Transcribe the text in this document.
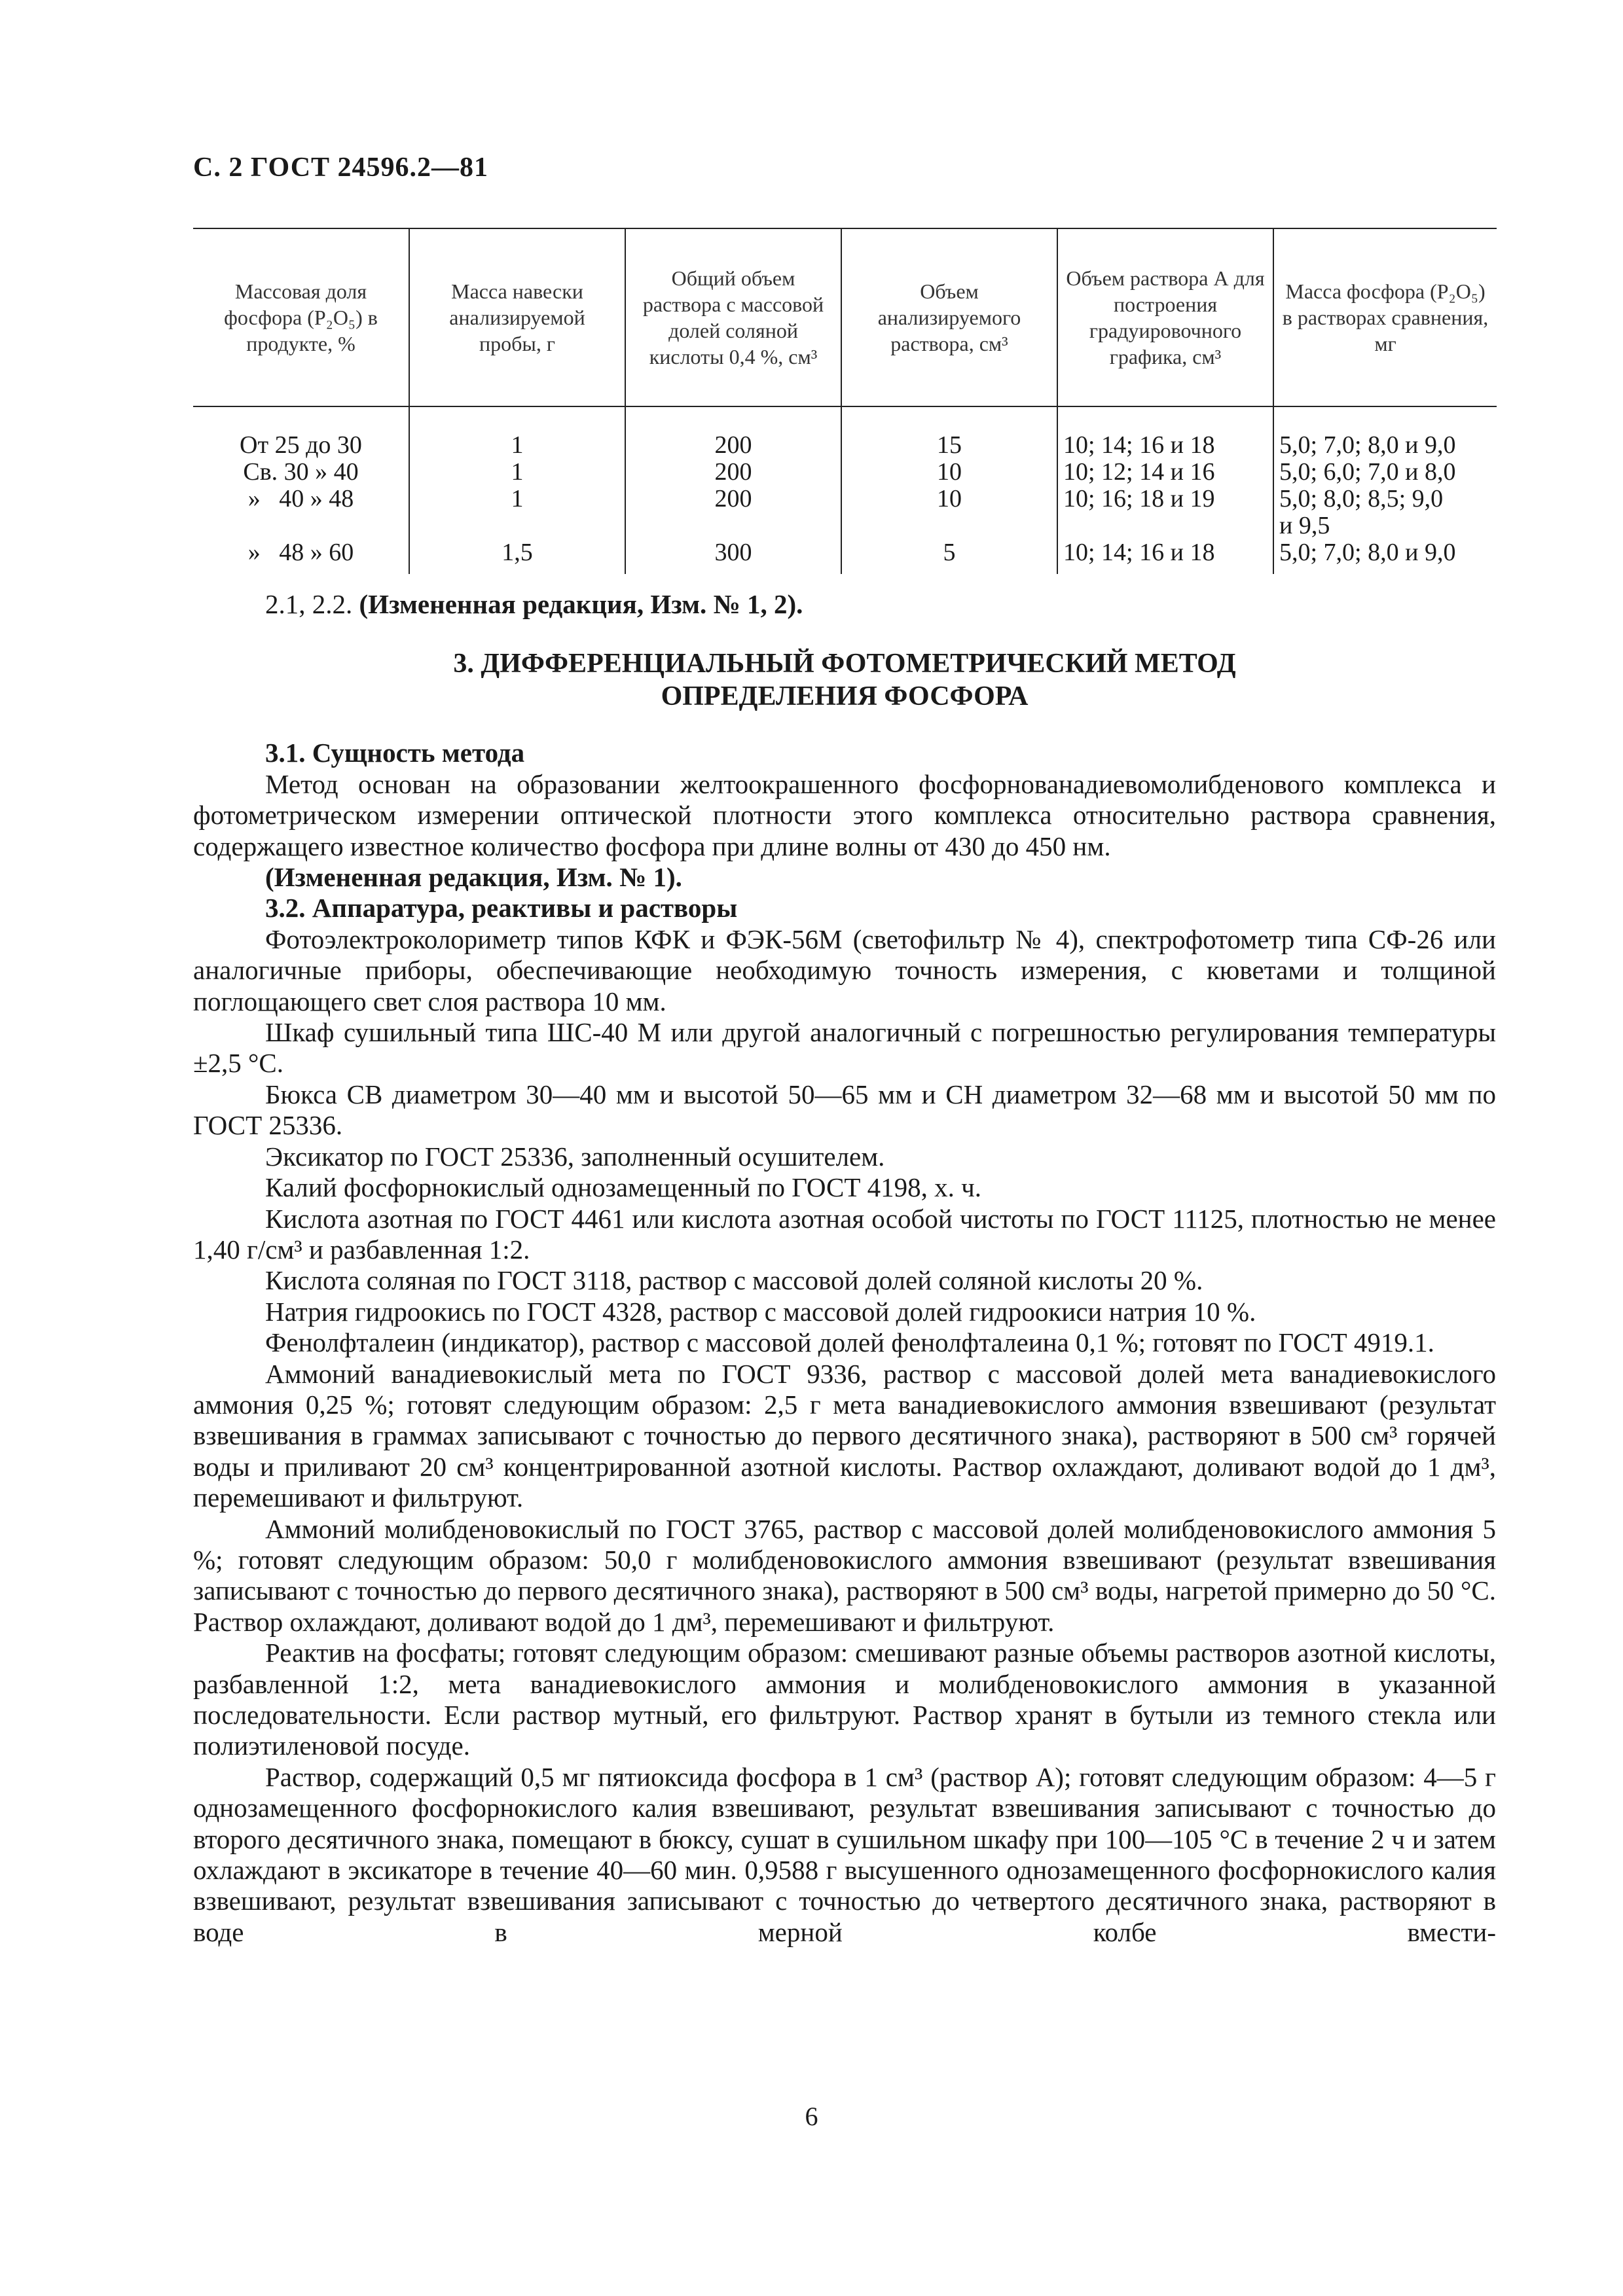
С. 2 ГОСТ 24596.2—81
Массовая доля фосфора (P₂O₅) в продукте, %	Масса навески анализируемой пробы, г	Общий объем раствора с массовой долей соляной кислоты 0,4 %, см³	Объем анализируемого раствора, см³	Объем раствора А для построения градуировочного графика, см³	Масса фосфора (P₂O₅) в растворах сравнения, мг
От 25 до 30	1	200	15	10; 14; 16 и 18	5,0; 7,0; 8,0 и 9,0

Св. 30 » 40	1	200	10	10; 12; 14 и 16	5,0; 6,0; 7,0 и 8,0

»   40 » 48	1	200	10	10; 16; 18 и 19	5,0; 8,0; 8,5; 9,0
и 9,5

»   48 » 60	1,5	300	5	10; 14; 16 и 18	5,0; 7,0; 8,0 и 9,0

2.1, 2.2. (Измененная редакция, Изм. № 1, 2).

3. ДИФФЕРЕНЦИАЛЬНЫЙ ФОТОМЕТРИЧЕСКИЙ МЕТОД
ОПРЕДЕЛЕНИЯ ФОСФОРА

3.1. Сущность метода

Метод основан на образовании желтоокрашенного фосфорнованадиевомолибденового комплекса и фотометрическом измерении оптической плотности этого комплекса относительно раствора сравнения, содержащего известное количество фосфора при длине волны от 430 до 450 нм.

(Измененная редакция, Изм. № 1).

3.2. Аппаратура, реактивы и растворы

Фотоэлектроколориметр типов КФК и ФЭК-56М (светофильтр № 4), спектрофотометр типа СФ-26 или аналогичные приборы, обеспечивающие необходимую точность измерения, с кюветами и толщиной поглощающего свет слоя раствора 10 мм.

Шкаф сушильный типа ШС-40 М или другой аналогичный с погрешностью регулирования температуры ±2,5 °С.

Бюкса СВ диаметром 30—40 мм и высотой 50—65 мм и СН диаметром 32—68 мм и высотой 50 мм по ГОСТ 25336.

Эксикатор по ГОСТ 25336, заполненный осушителем.

Калий фосфорнокислый однозамещенный по ГОСТ 4198, х. ч.

Кислота азотная по ГОСТ 4461 или кислота азотная особой чистоты по ГОСТ 11125, плотностью не менее 1,40 г/см³ и разбавленная 1:2.

Кислота соляная по ГОСТ 3118, раствор с массовой долей соляной кислоты 20 %.

Натрия гидроокись по ГОСТ 4328, раствор с массовой долей гидроокиси натрия 10 %.

Фенолфталеин (индикатор), раствор с массовой долей фенолфталеина 0,1 %; готовят по ГОСТ 4919.1.

Аммоний ванадиевокислый мета по ГОСТ 9336, раствор с массовой долей мета ванадиевокислого аммония 0,25 %; готовят следующим образом: 2,5 г мета ванадиевокислого аммония взвешивают (результат взвешивания в граммах записывают с точностью до первого десятичного знака), растворяют в 500 см³ горячей воды и приливают 20 см³ концентрированной азотной кислоты. Раствор охлаждают, доливают водой до 1 дм³, перемешивают и фильтруют.

Аммоний молибденовокислый по ГОСТ 3765, раствор с массовой долей молибденовокислого аммония 5 %; готовят следующим образом: 50,0 г молибденовокислого аммония взвешивают (результат взвешивания записывают с точностью до первого десятичного знака), растворяют в 500 см³ воды, нагретой примерно до 50 °С. Раствор охлаждают, доливают водой до 1 дм³, перемешивают и фильтруют.

Реактив на фосфаты; готовят следующим образом: смешивают разные объемы растворов азотной кислоты, разбавленной 1:2, мета ванадиевокислого аммония и молибденовокислого аммония в указанной последовательности. Если раствор мутный, его фильтруют. Раствор хранят в бутыли из темного стекла или полиэтиленовой посуде.

Раствор, содержащий 0,5 мг пятиоксида фосфора в 1 см³ (раствор А); готовят следующим образом: 4—5 г однозамещенного фосфорнокислого калия взвешивают, результат взвешивания записывают с точностью до второго десятичного знака, помещают в бюксу, сушат в сушильном шкафу при 100—105 °С в течение 2 ч и затем охлаждают в эксикаторе в течение 40—60 мин. 0,9588 г высушенного однозамещенного фосфорнокислого калия взвешивают, результат взвешивания записывают с точностью до четвертого десятичного знака, растворяют в воде в мерной колбе вмести-

6
